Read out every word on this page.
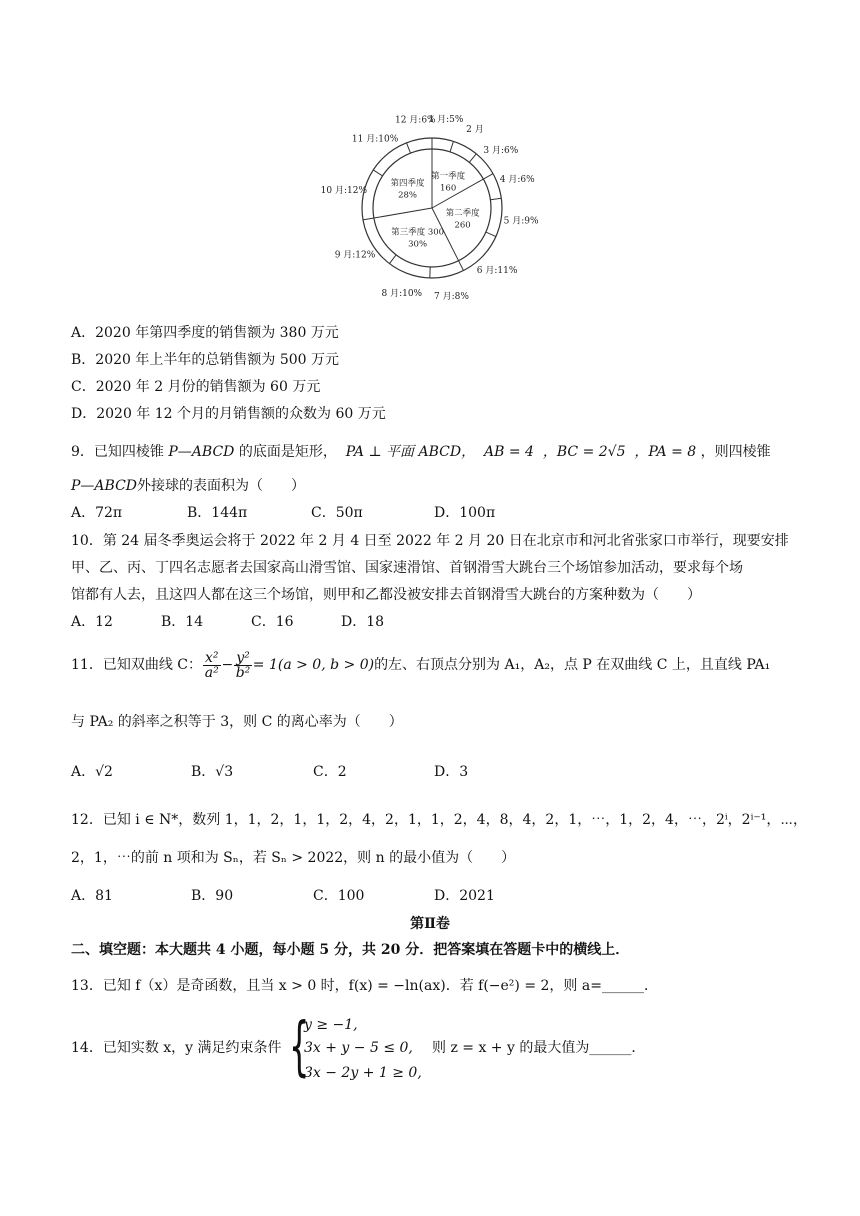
1 月:5%
2 月
3 月:6%
4 月:6%
5 月:9%
6 月:11%
7 月:8%
8 月:10%
9 月:12%
10 月:12%
11 月:10%
12 月:6%
第一季度
160
第二季度
260
第三季度 300
30%
第四季度
28%
A．2020 年第四季度的销售额为 380 万元
B．2020 年上半年的总销售额为 500 万元
C．2020 年 2 月份的销售额为 60 万元
D．2020 年 12 个月的月销售额的众数为 60 万元
9．已知四棱锥 P—ABCD 的底面是矩形， PA ⊥ 平面 ABCD， AB = 4 ，BC = 2√5 ，PA = 8 ，则四棱锥
P—ABCD外接球的表面积为（　　）
A．72π	B．144π	C．50π	D．100π
10．第 24 届冬季奥运会将于 2022 年 2 月 4 日至 2022 年 2 月 20 日在北京市和河北省张家口市举行，现要安排
甲、乙、丙、丁四名志愿者去国家高山滑雪馆、国家速滑馆、首钢滑雪大跳台三个场馆参加活动，要求每个场
馆都有人去，且这四人都在这三个场馆，则甲和乙都没被安排去首钢滑雪大跳台的方案种数为（　　）
A．12	B．14	C．16	D．18
11．已知双曲线 C： $\frac{\text{x²}}{\text{a²}} - \frac{\text{y²}}{\text{b²}} = 1(a > 0$, b > 0)的左、右顶点分别为 A₁，A₂，点 P 在双曲线 C 上，且直线 PA₁
与 PA₂ 的斜率之积等于 3，则 C 的离心率为（　　）
A．√2	B．√3	C．2	D．3
12．已知 i ∈ N*，数列 1，1，2，1，1，2，4，2，1，1，2，4，8，4，2，1，⋯，1，2，4，⋯，2ⁱ，2ⁱ⁻¹，⋯，
2，1，⋯的前 n 项和为 Sₙ，若 Sₙ > 2022，则 n 的最小值为（　　）
A．81	B．90	C．100	D．2021
第Ⅱ卷
二、填空题：本大题共 4 小题，每小题 5 分，共 20 分．把答案填在答题卡中的横线上．
13．已知 f（x）是奇函数，且当 x > 0 时，f(x) = −ln(ax)．若 f(−e²) = 2，则 a=______．
14．已知实数 x，y 满足约束条件 {
y ≥ −1,
3x + y − 5 ≤ 0,
3x − 2y + 1 ≥ 0,
则 z = x + y 的最大值为______．
